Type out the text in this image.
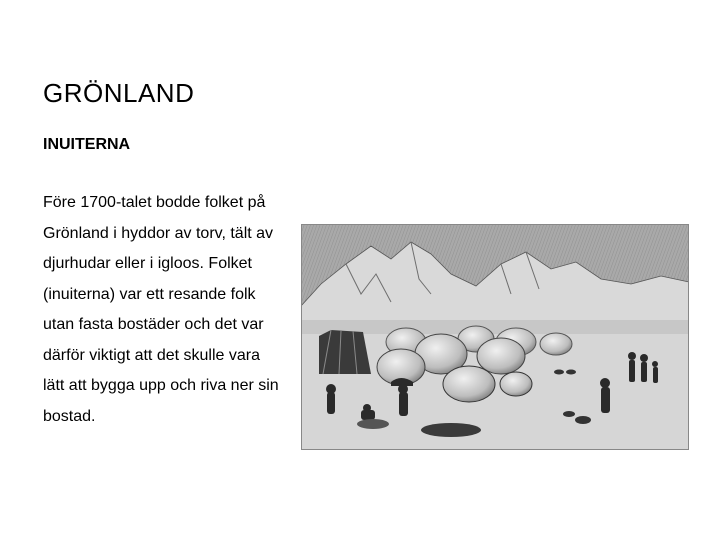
GRÖNLAND
INUITERNA

Före 1700-talet bodde folket på Grönland i hyddor av torv, tält av djurhudar eller i igloos. Folket (inuiterna) var ett resande folk utan fasta bostäder och det var därför viktigt att det skulle vara lätt att bygga upp och riva ner sin bostad.
